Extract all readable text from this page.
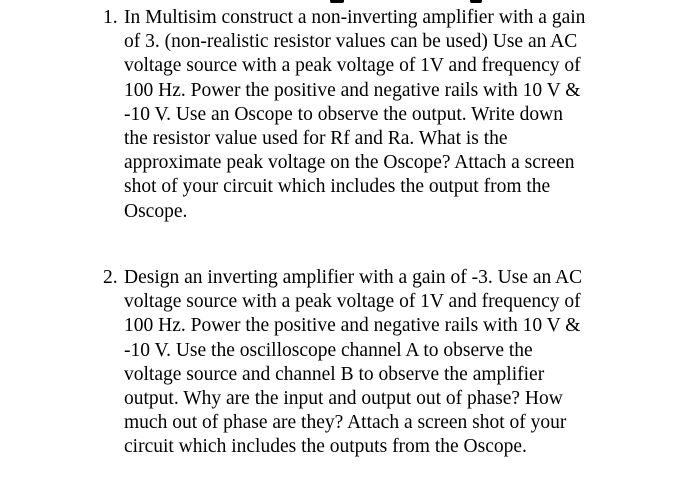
1. In Multisim construct a non-inverting amplifier with a gain
of 3. (non-realistic resistor values can be used) Use an AC
voltage source with a peak voltage of 1V and frequency of
100 Hz. Power the positive and negative rails with 10 V &
-10 V. Use an Oscope to observe the output. Write down
the resistor value used for Rf and Ra. What is the
approximate peak voltage on the Oscope? Attach a screen
shot of your circuit which includes the output from the
Oscope.
2. Design an inverting amplifier with a gain of -3. Use an AC
voltage source with a peak voltage of 1V and frequency of
100 Hz. Power the positive and negative rails with 10 V &
-10 V. Use the oscilloscope channel A to observe the
voltage source and channel B to observe the amplifier
output. Why are the input and output out of phase? How
much out of phase are they? Attach a screen shot of your
circuit which includes the outputs from the Oscope.
